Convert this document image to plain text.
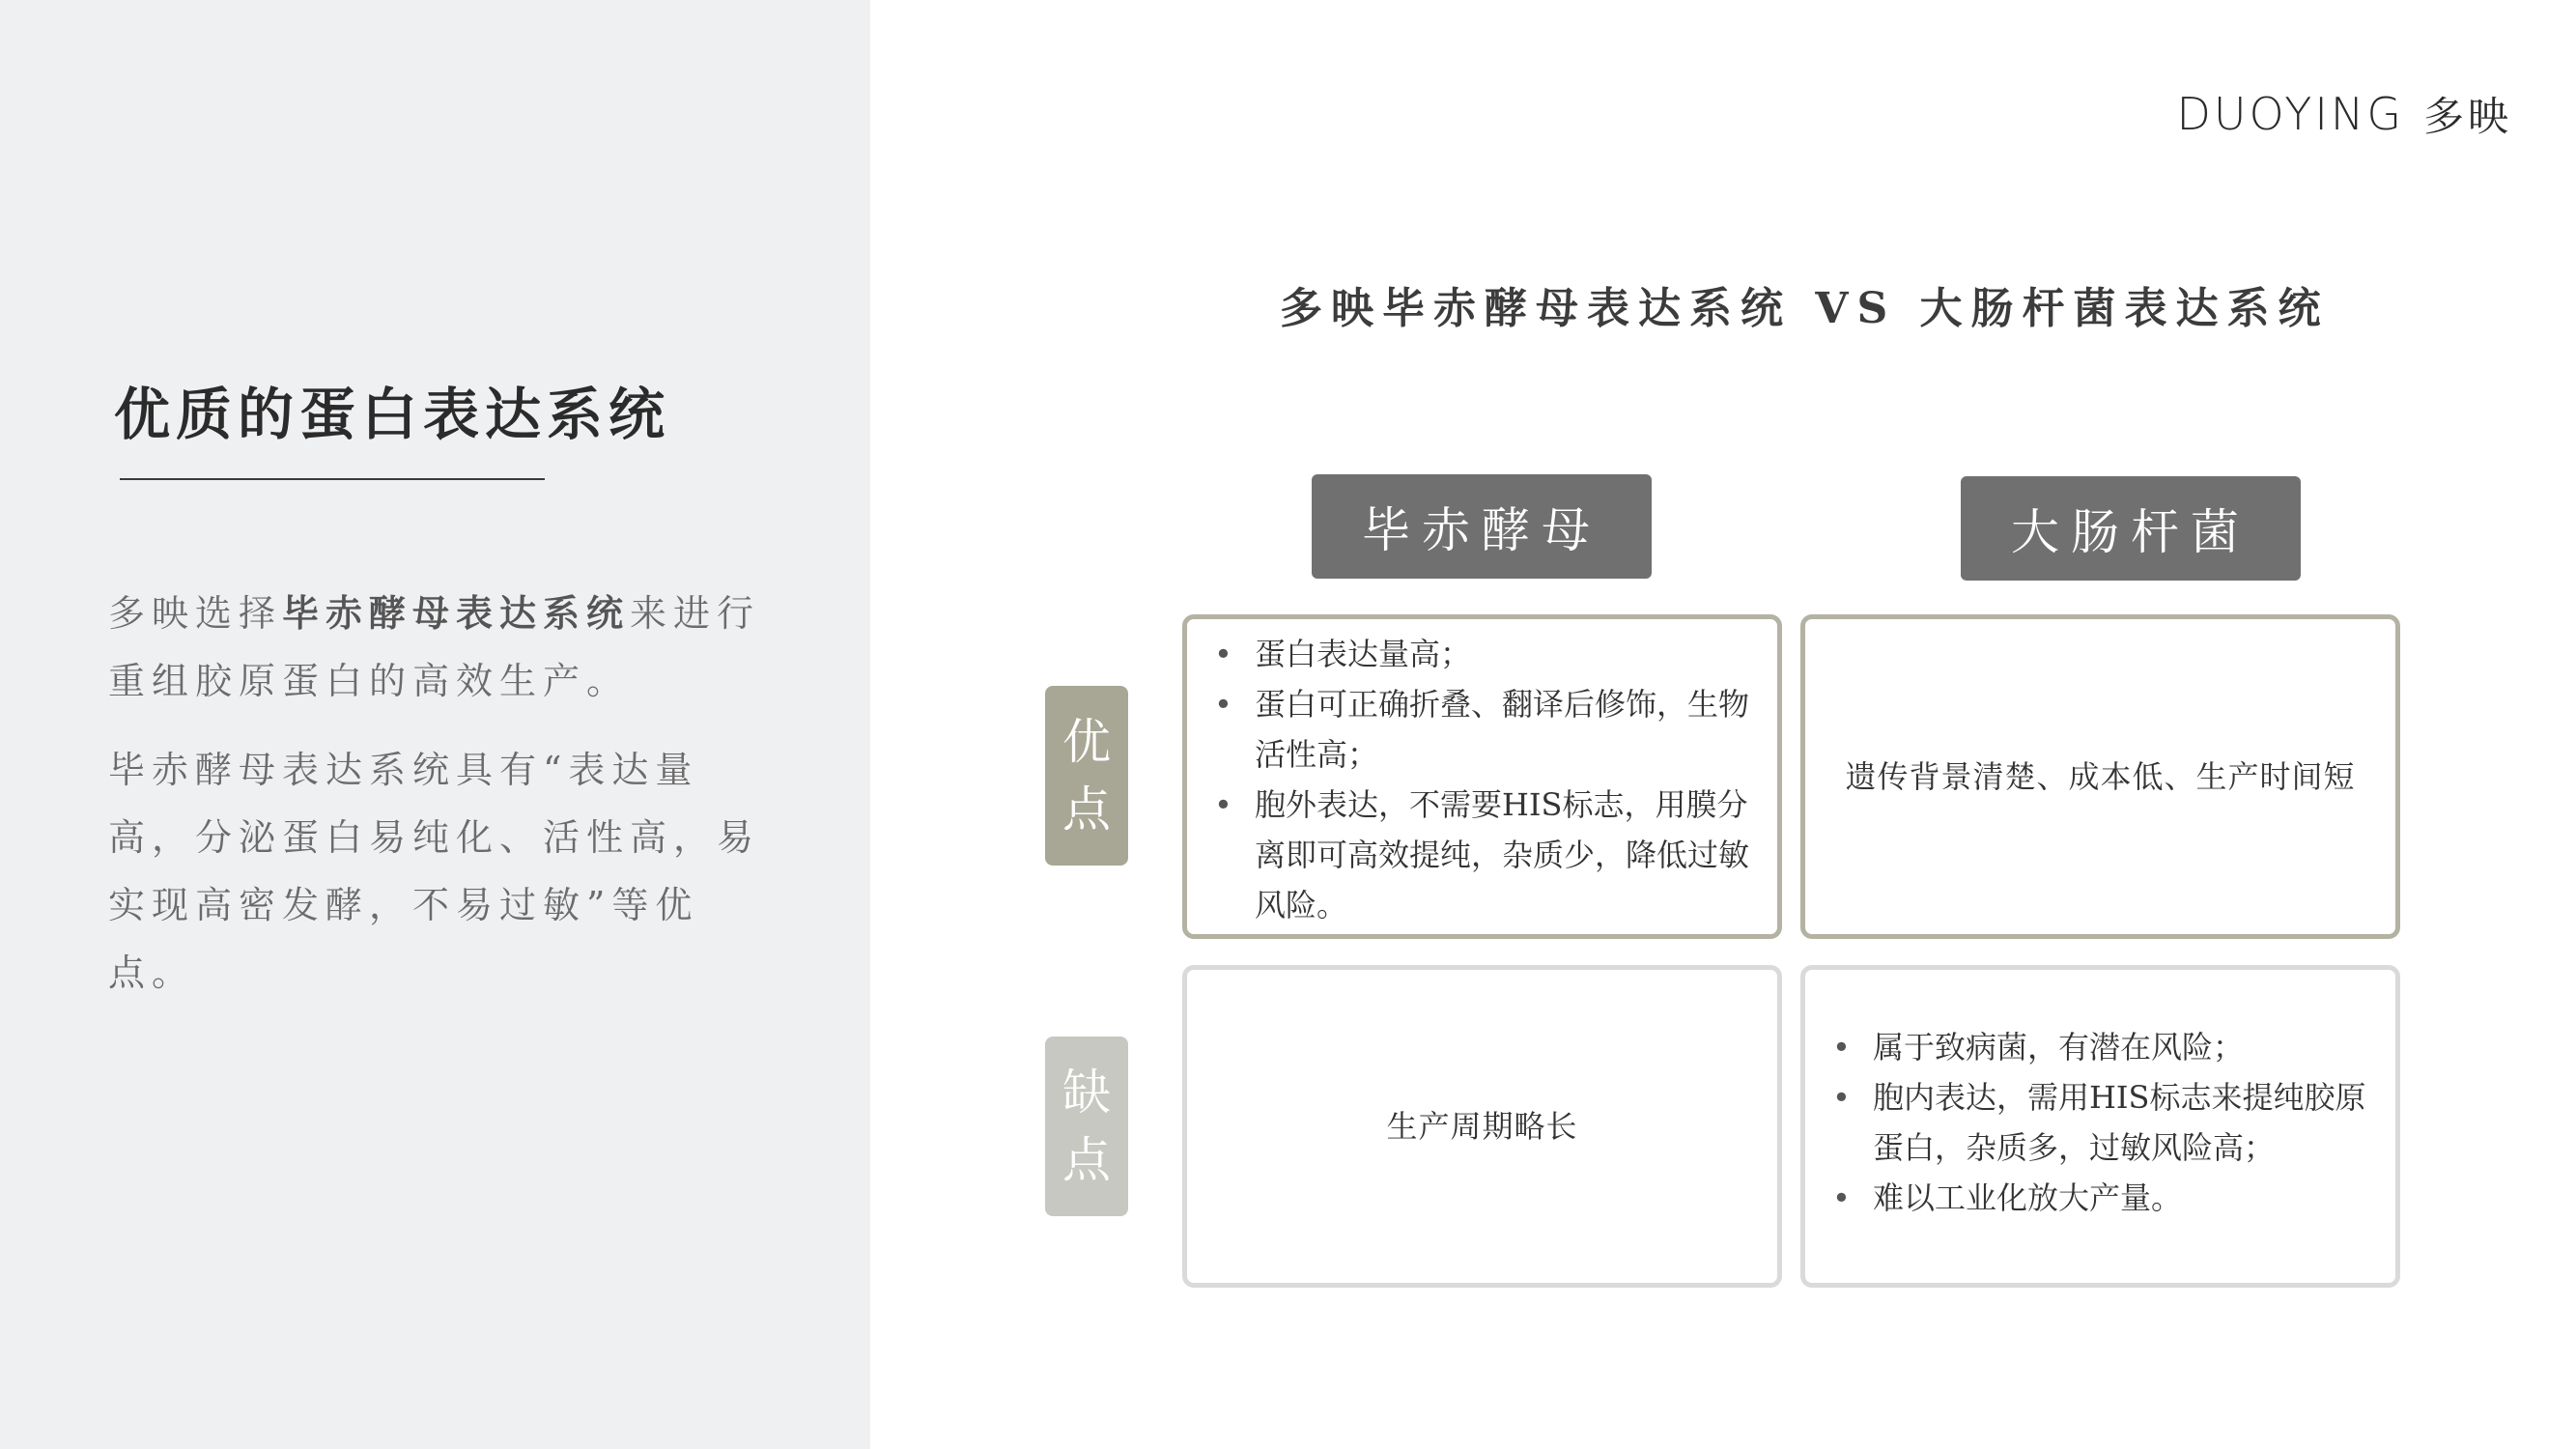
优质的蛋白表达系统
多映选择毕赤酵母表达系统来进行重组胶原蛋白的高效生产。
毕赤酵母表达系统具有“表达量高，分泌蛋白易纯化、活性高，易实现高密发酵，不易过敏”等优点。
DUOYING 多映
多映毕赤酵母表达系统 VS 大肠杆菌表达系统
毕赤酵母	大肠杆菌
优
点
缺
点
• 蛋白表达量高；
• 蛋白可正确折叠、翻译后修饰，生物活性高；
• 胞外表达，不需要HIS标志，用膜分离即可高效提纯，杂质少，降低过敏风险。
遗传背景清楚、成本低、生产时间短
生产周期略长
• 属于致病菌，有潜在风险；
• 胞内表达，需用HIS标志来提纯胶原蛋白，杂质多，过敏风险高；
• 难以工业化放大产量。
